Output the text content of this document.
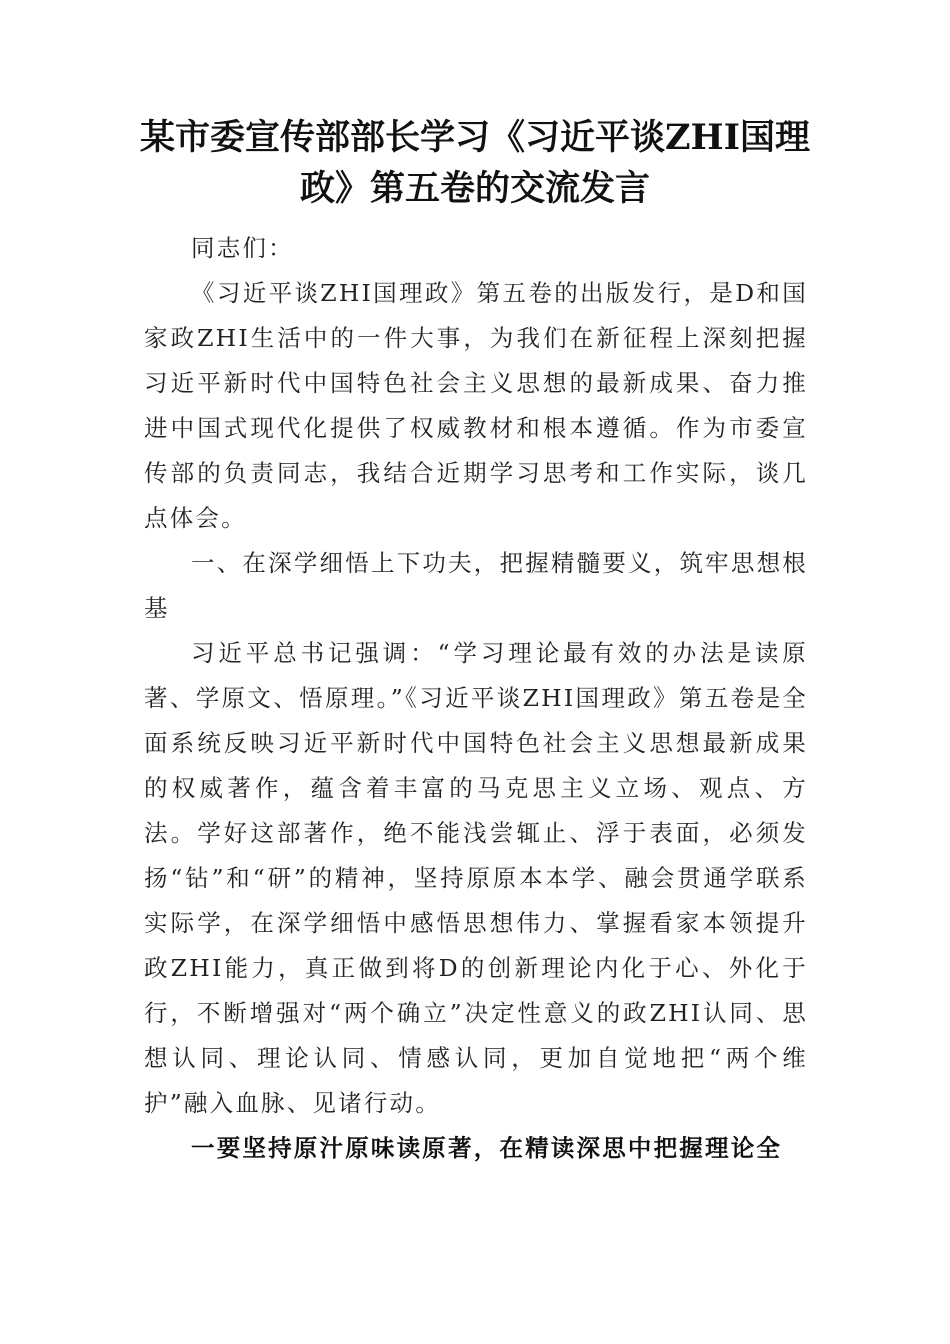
某市委宣传部部长学习《习近平谈ZHI国理政》第五卷的交流发言

同志们：

《习近平谈ZHI国理政》第五卷的出版发行，是D和国家政ZHI生活中的一件大事，为我们在新征程上深刻把握习近平新时代中国特色社会主义思想的最新成果、奋力推进中国式现代化提供了权威教材和根本遵循。作为市委宣传部的负责同志，我结合近期学习思考和工作实际，谈几点体会。

一、在深学细悟上下功夫，把握精髓要义，筑牢思想根基

习近平总书记强调：“学习理论最有效的办法是读原著、学原文、悟原理。”《习近平谈ZHI国理政》第五卷是全面系统反映习近平新时代中国特色社会主义思想最新成果的权威著作，蕴含着丰富的马克思主义立场、观点、方法。学好这部著作，绝不能浅尝辄止、浮于表面，必须发扬“钻”和“研”的精神，坚持原原本本学、融会贯通学联系实际学，在深学细悟中感悟思想伟力、掌握看家本领提升政ZHI能力，真正做到将D的创新理论内化于心、外化于行，不断增强对“两个确立”决定性意义的政ZHI认同、思想认同、理论认同、情感认同，更加自觉地把“两个维护”融入血脉、见诸行动。

一要坚持原汁原味读原著，在精读深思中把握理论全
